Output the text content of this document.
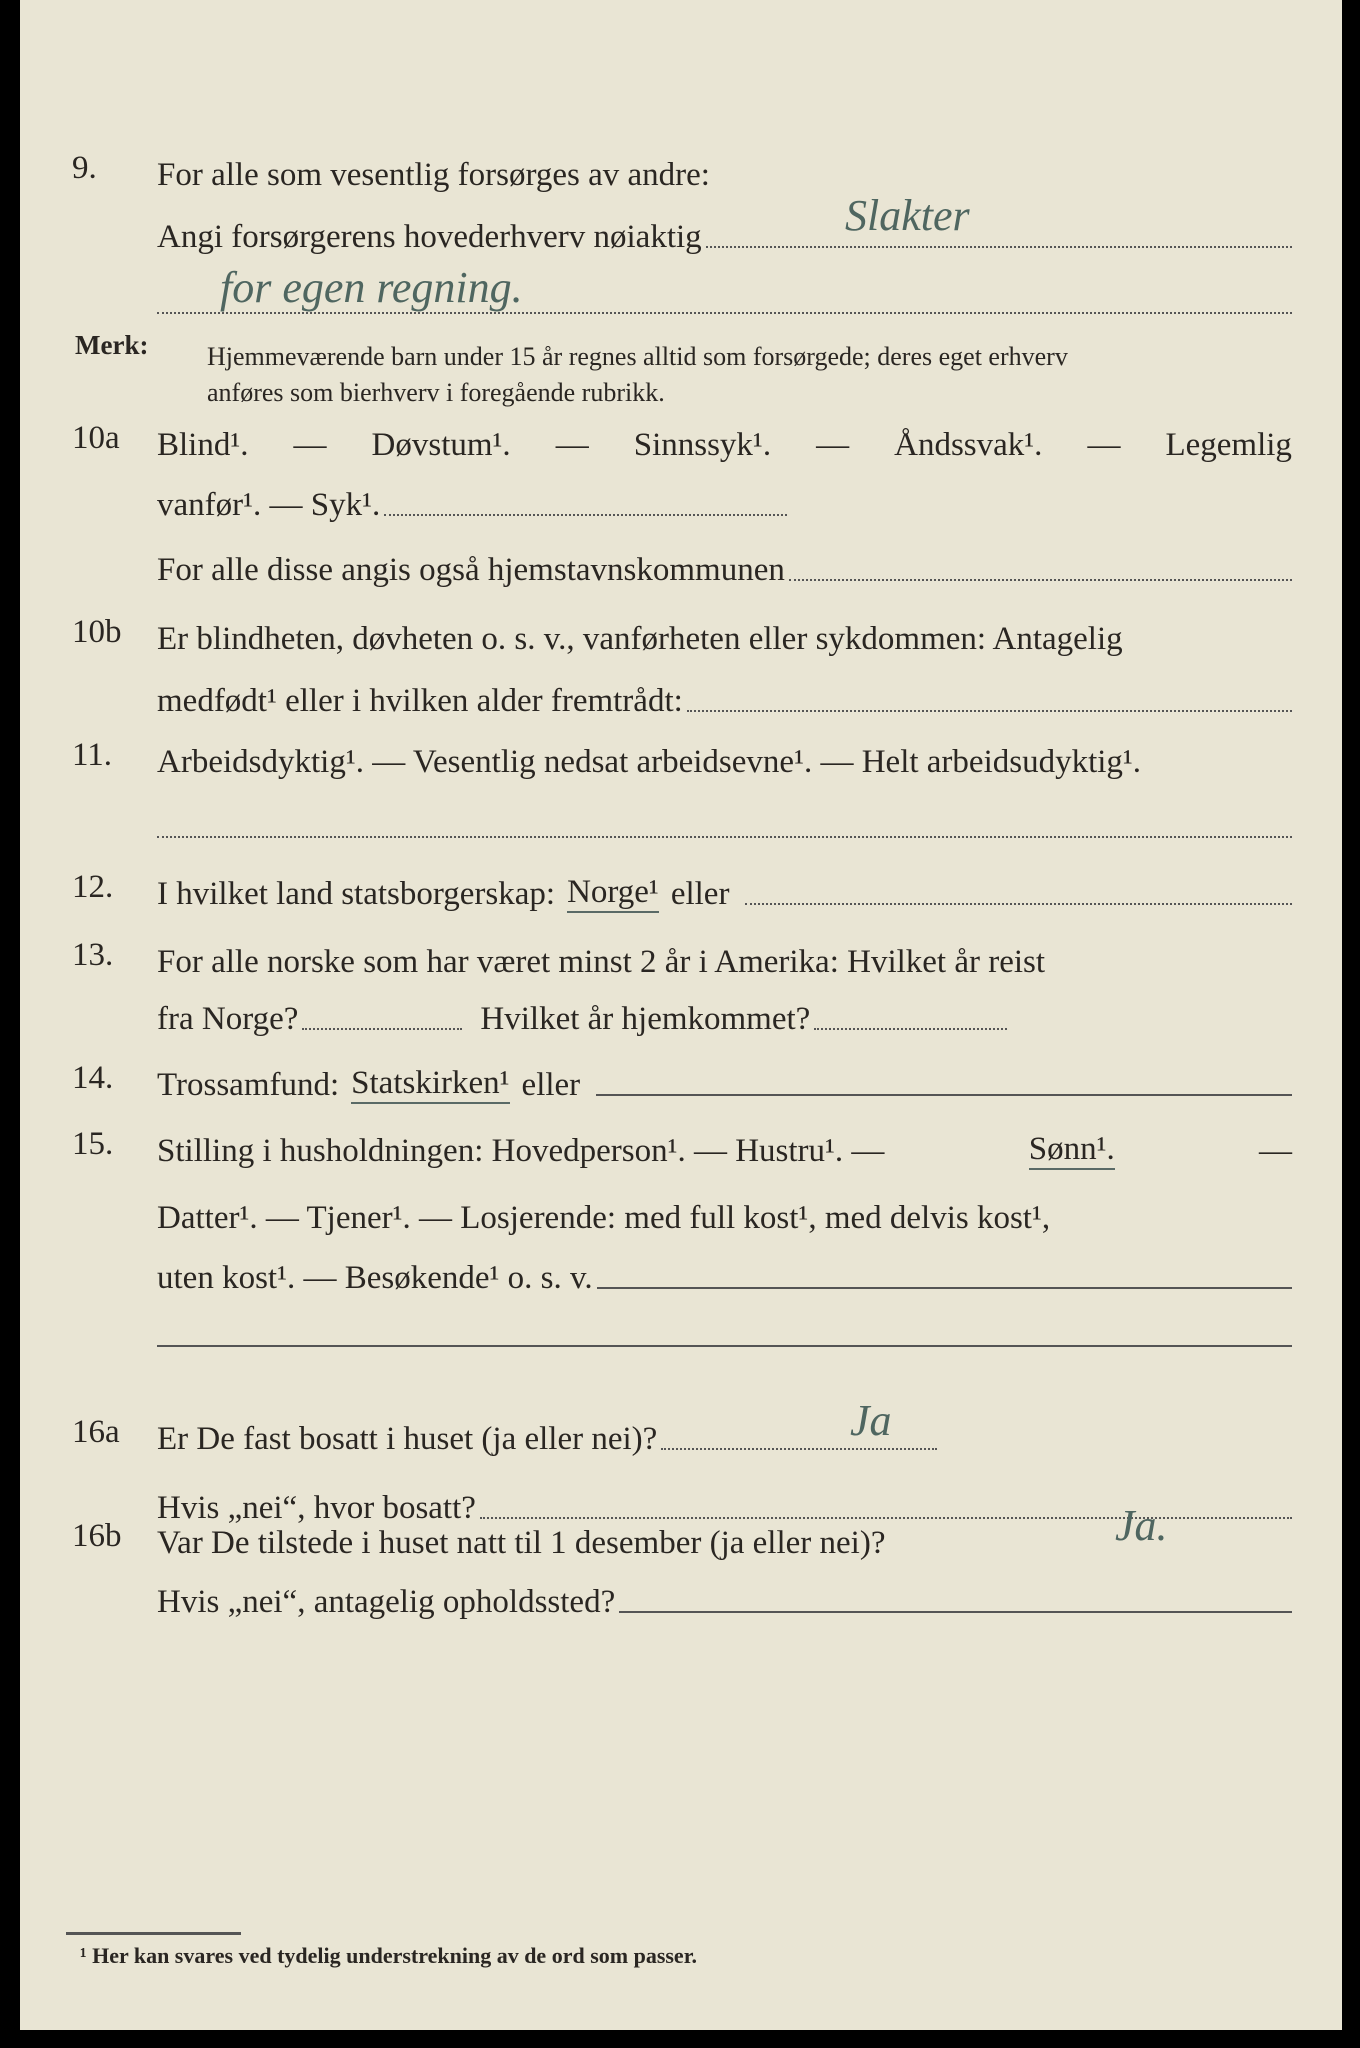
9. For alle som vesentlig forsørges av andre:
Angi forsørgerens hovederhverv nøiaktig	Slakter
for egen regning.
Merk: Hjemmeværende barn under 15 år regnes alltid som forsørgede; deres eget erhverv
anføres som bierhverv i foregående rubrikk.
10a Blind¹. — Døvstum¹. — Sinnssyk¹. — Åndssvak¹. — Legemlig
vanfør¹. — Syk¹.
For alle disse angis også hjemstavnskommunen
10b Er blindheten, døvheten o. s. v., vanførheten eller sykdommen: Antagelig
medfødt¹ eller i hvilken alder fremtrådt:
11. Arbeidsdyktig¹. — Vesentlig nedsat arbeidsevne¹. — Helt arbeidsudyktig¹.
12. I hvilket land statsborgerskap: Norge¹ eller
13. For alle norske som har været minst 2 år i Amerika: Hvilket år reist
fra Norge?	Hvilket år hjemkommet?
14. Trossamfund: Statskirken¹ eller
15. Stilling i husholdningen: Hovedperson¹. — Hustru¹. —	Sønn¹.	—
Datter¹. — Tjener¹. — Losjerende: med full kost¹, med delvis kost¹,
uten kost¹. — Besøkende¹ o. s. v.
16a Er De fast bosatt i huset (ja eller nei)?	Ja
Hvis „nei“, hvor bosatt?
16b Var De tilstede i huset natt til 1 desember (ja eller nei)?	Ja.
Hvis „nei“, antagelig opholdssted?
¹ Her kan svares ved tydelig understrekning av de ord som passer.
